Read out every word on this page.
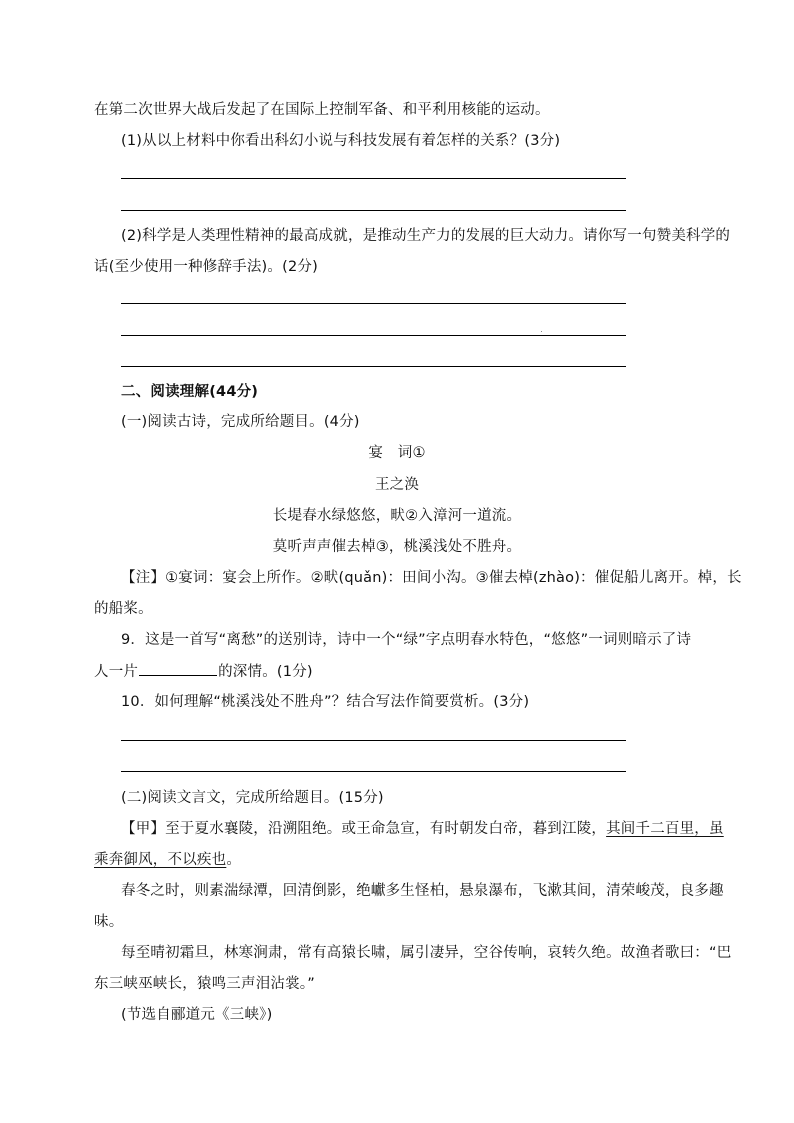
在第二次世界大战后发起了在国际上控制军备、和平利用核能的运动。
(1)从以上材料中你看出科幻小说与科技发展有着怎样的关系？(3分)
(2)科学是人类理性精神的最高成就，是推动生产力的发展的巨大动力。请你写一句赞美科学的
话(至少使用一种修辞手法)。(2分)
二、阅读理解(44分)
(一)阅读古诗，完成所给题目。(4分)
宴　词①
王之涣
长堤春水绿悠悠，畎②入漳河一道流。
莫听声声催去棹③，桃溪浅处不胜舟。
【注】①宴词：宴会上所作。②畎(quǎn)：田间小沟。③催去棹(zhào)：催促船儿离开。棹，长
的船桨。
9．这是一首写“离愁”的送别诗，诗中一个“绿”字点明春水特色，“悠悠”一词则暗示了诗
人一片	的深情。(1分)
10．如何理解“桃溪浅处不胜舟”？结合写法作简要赏析。(3分)
(二)阅读文言文，完成所给题目。(15分)
【甲】至于夏水襄陵，沿溯阻绝。或王命急宣，有时朝发白帝，暮到江陵，其间千二百里，虽
乘奔御风，不以疾也。
春冬之时，则素湍绿潭，回清倒影，绝巘多生怪柏，悬泉瀑布，飞漱其间，清荣峻茂，良多趣
味。
每至晴初霜旦，林寒涧肃，常有高猿长啸，属引凄异，空谷传响，哀转久绝。故渔者歌曰：“巴
东三峡巫峡长，猿鸣三声泪沾裳。”
(节选自郦道元《三峡》)
